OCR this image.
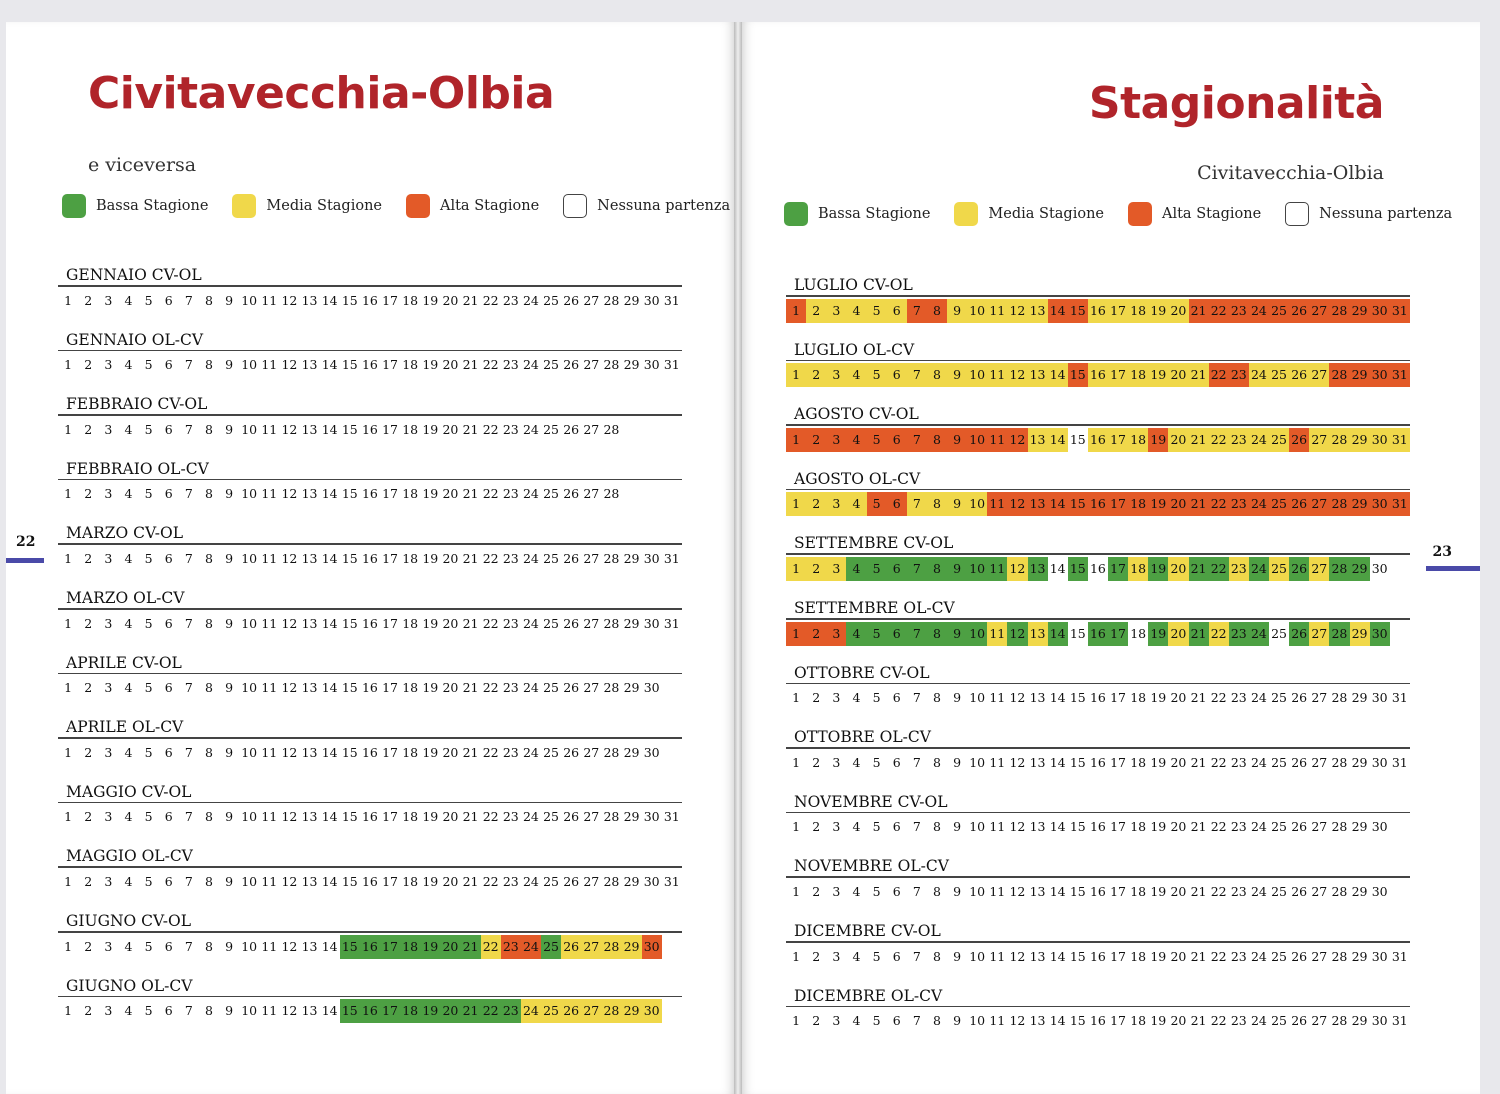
Civitavecchia-Olbia
e viceversa
Bassa Stagione	Media Stagione	Alta Stagione	Nessuna partenza
GENNAIO CV-OL
1 2 3 4 5 6 7 8 9 10 11 12 13 14 15 16 17 18 19 20 21 22 23 24 25 26 27 28 29 30 31
GENNAIO OL-CV
1 2 3 4 5 6 7 8 9 10 11 12 13 14 15 16 17 18 19 20 21 22 23 24 25 26 27 28 29 30 31
FEBBRAIO CV-OL
1 2 3 4 5 6 7 8 9 10 11 12 13 14 15 16 17 18 19 20 21 22 23 24 25 26 27 28
FEBBRAIO OL-CV
1 2 3 4 5 6 7 8 9 10 11 12 13 14 15 16 17 18 19 20 21 22 23 24 25 26 27 28
MARZO CV-OL
1 2 3 4 5 6 7 8 9 10 11 12 13 14 15 16 17 18 19 20 21 22 23 24 25 26 27 28 29 30 31
MARZO OL-CV
1 2 3 4 5 6 7 8 9 10 11 12 13 14 15 16 17 18 19 20 21 22 23 24 25 26 27 28 29 30 31
APRILE CV-OL
1 2 3 4 5 6 7 8 9 10 11 12 13 14 15 16 17 18 19 20 21 22 23 24 25 26 27 28 29 30
APRILE OL-CV
1 2 3 4 5 6 7 8 9 10 11 12 13 14 15 16 17 18 19 20 21 22 23 24 25 26 27 28 29 30
MAGGIO CV-OL
1 2 3 4 5 6 7 8 9 10 11 12 13 14 15 16 17 18 19 20 21 22 23 24 25 26 27 28 29 30 31
MAGGIO OL-CV
1 2 3 4 5 6 7 8 9 10 11 12 13 14 15 16 17 18 19 20 21 22 23 24 25 26 27 28 29 30 31
GIUGNO CV-OL
1 2 3 4 5 6 7 8 9 10 11 12 13 14 15 16 17 18 19 20 21 22 23 24 25 26 27 28 29 30
GIUGNO OL-CV
1 2 3 4 5 6 7 8 9 10 11 12 13 14 15 16 17 18 19 20 21 22 23 24 25 26 27 28 29 30
22
Stagionalità
Civitavecchia-Olbia
Bassa Stagione	Media Stagione	Alta Stagione	Nessuna partenza
LUGLIO CV-OL
1 2 3 4 5 6 7 8 9 10 11 12 13 14 15 16 17 18 19 20 21 22 23 24 25 26 27 28 29 30 31
LUGLIO OL-CV
1 2 3 4 5 6 7 8 9 10 11 12 13 14 15 16 17 18 19 20 21 22 23 24 25 26 27 28 29 30 31
AGOSTO CV-OL
1 2 3 4 5 6 7 8 9 10 11 12 13 14 15 16 17 18 19 20 21 22 23 24 25 26 27 28 29 30 31
AGOSTO OL-CV
1 2 3 4 5 6 7 8 9 10 11 12 13 14 15 16 17 18 19 20 21 22 23 24 25 26 27 28 29 30 31
SETTEMBRE CV-OL
1 2 3 4 5 6 7 8 9 10 11 12 13 14 15 16 17 18 19 20 21 22 23 24 25 26 27 28 29 30
SETTEMBRE OL-CV
1 2 3 4 5 6 7 8 9 10 11 12 13 14 15 16 17 18 19 20 21 22 23 24 25 26 27 28 29 30
OTTOBRE CV-OL
1 2 3 4 5 6 7 8 9 10 11 12 13 14 15 16 17 18 19 20 21 22 23 24 25 26 27 28 29 30 31
OTTOBRE OL-CV
1 2 3 4 5 6 7 8 9 10 11 12 13 14 15 16 17 18 19 20 21 22 23 24 25 26 27 28 29 30 31
NOVEMBRE CV-OL
1 2 3 4 5 6 7 8 9 10 11 12 13 14 15 16 17 18 19 20 21 22 23 24 25 26 27 28 29 30
NOVEMBRE OL-CV
1 2 3 4 5 6 7 8 9 10 11 12 13 14 15 16 17 18 19 20 21 22 23 24 25 26 27 28 29 30
DICEMBRE CV-OL
1 2 3 4 5 6 7 8 9 10 11 12 13 14 15 16 17 18 19 20 21 22 23 24 25 26 27 28 29 30 31
DICEMBRE OL-CV
1 2 3 4 5 6 7 8 9 10 11 12 13 14 15 16 17 18 19 20 21 22 23 24 25 26 27 28 29 30 31
23
